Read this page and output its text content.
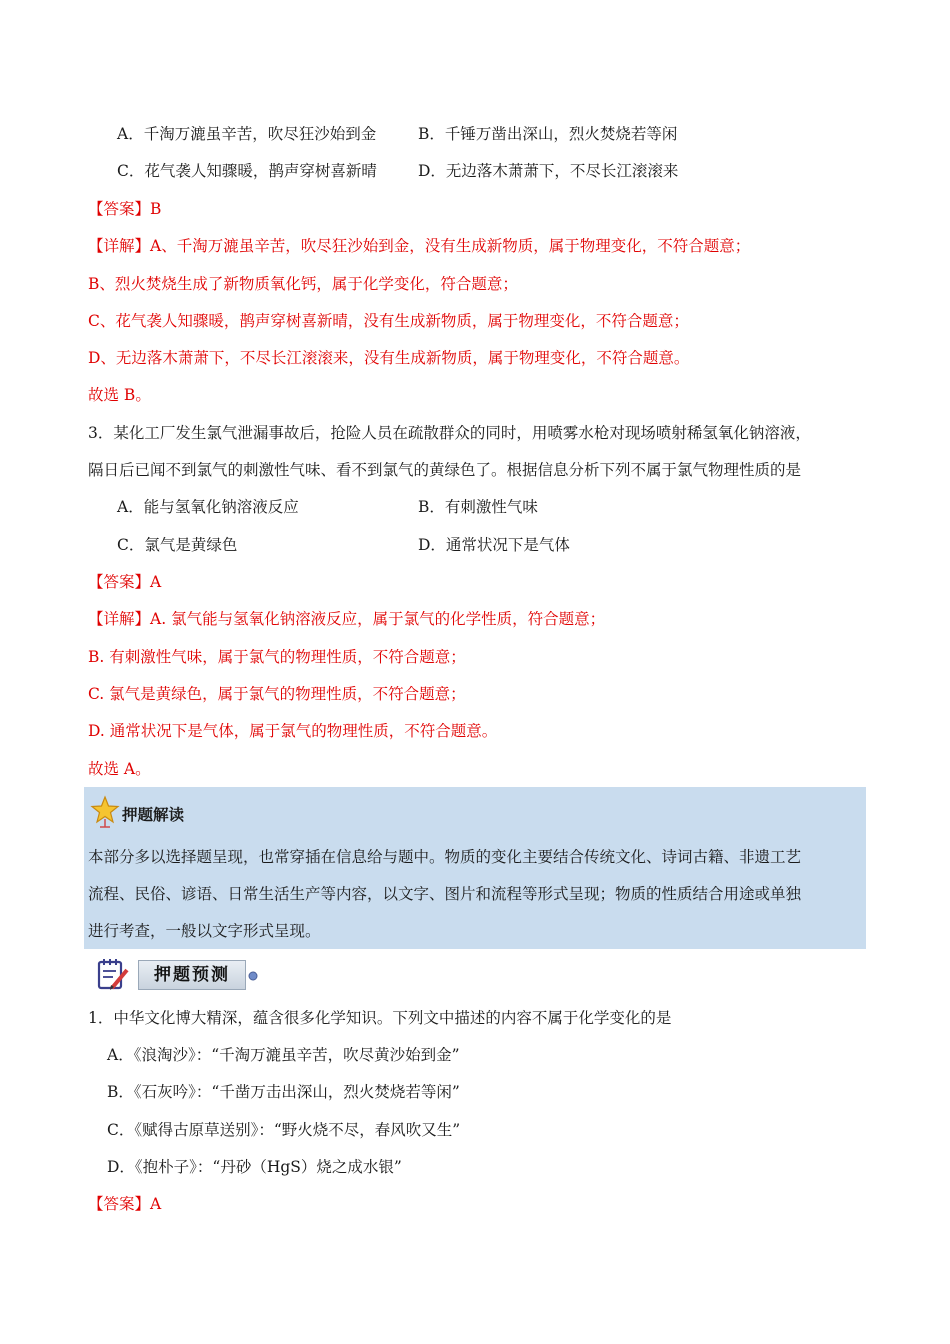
A．千淘万漉虽辛苦，吹尽狂沙始到金	B．千锤万凿出深山，烈火焚烧若等闲
C．花气袭人知骤暖，鹊声穿树喜新晴	D．无边落木萧萧下，不尽长江滚滚来
【答案】B
【详解】A、千淘万漉虽辛苦，吹尽狂沙始到金，没有生成新物质，属于物理变化，不符合题意；
B、烈火焚烧生成了新物质氧化钙，属于化学变化，符合题意；
C、花气袭人知骤暖，鹊声穿树喜新晴，没有生成新物质，属于物理变化，不符合题意；
D、无边落木萧萧下，不尽长江滚滚来，没有生成新物质，属于物理变化，不符合题意。
故选 B。
3．某化工厂发生氯气泄漏事故后，抢险人员在疏散群众的同时，用喷雾水枪对现场喷射稀氢氧化钠溶液，
隔日后已闻不到氯气的刺激性气味、看不到氯气的黄绿色了。根据信息分析下列不属于氯气物理性质的是
A．能与氢氧化钠溶液反应	B．有刺激性气味
C．氯气是黄绿色	D．通常状况下是气体
【答案】A
【详解】A. 氯气能与氢氧化钠溶液反应，属于氯气的化学性质，符合题意；
B. 有刺激性气味，属于氯气的物理性质，不符合题意；
C. 氯气是黄绿色，属于氯气的物理性质，不符合题意；
D. 通常状况下是气体，属于氯气的物理性质，不符合题意。
故选 A。
押题解读
本部分多以选择题呈现，也常穿插在信息给与题中。物质的变化主要结合传统文化、诗词古籍、非遗工艺
流程、民俗、谚语、日常生活生产等内容，以文字、图片和流程等形式呈现；物质的性质结合用途或单独
进行考查，一般以文字形式呈现。
押题预测
1．中华文化博大精深，蕴含很多化学知识。下列文中描述的内容不属于化学变化的是
A．《浪淘沙》：“千淘万漉虽辛苦，吹尽黄沙始到金”
B．《石灰吟》：“千凿万击出深山，烈火焚烧若等闲”
C．《赋得古原草送别》：“野火烧不尽，春风吹又生”
D．《抱朴子》：“丹砂（HgS）烧之成水银”
【答案】A
